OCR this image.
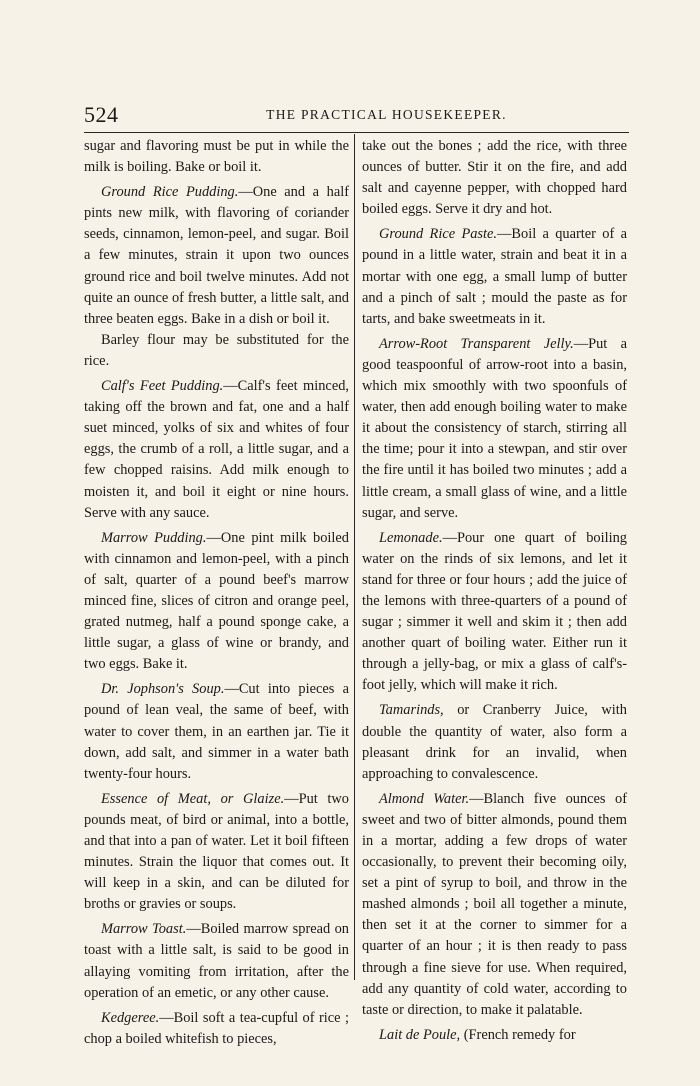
524	THE PRACTICAL HOUSEKEEPER.

sugar and flavoring must be put in while the milk is boiling. Bake or boil it.

Ground Rice Pudding.—One and a half pints new milk, with flavoring of coriander seeds, cinnamon, lemon-peel, and sugar. Boil a few minutes, strain it upon two ounces ground rice and boil twelve minutes. Add not quite an ounce of fresh butter, a little salt, and three beaten eggs. Bake in a dish or boil it.

Barley flour may be substituted for the rice.

Calf's Feet Pudding.—Calf's feet minced, taking off the brown and fat, one and a half suet minced, yolks of six and whites of four eggs, the crumb of a roll, a little sugar, and a few chopped raisins. Add milk enough to moisten it, and boil it eight or nine hours. Serve with any sauce.

Marrow Pudding.—One pint milk boiled with cinnamon and lemon-peel, with a pinch of salt, quarter of a pound beef's marrow minced fine, slices of citron and orange peel, grated nutmeg, half a pound sponge cake, a little sugar, a glass of wine or brandy, and two eggs. Bake it.

Dr. Jophson's Soup.—Cut into pieces a pound of lean veal, the same of beef, with water to cover them, in an earthen jar. Tie it down, add salt, and simmer in a water bath twenty-four hours.

Essence of Meat, or Glaize.—Put two pounds meat, of bird or animal, into a bottle, and that into a pan of water. Let it boil fifteen minutes. Strain the liquor that comes out. It will keep in a skin, and can be diluted for broths or gravies or soups.

Marrow Toast.—Boiled marrow spread on toast with a little salt, is said to be good in allaying vomiting from irritation, after the operation of an emetic, or any other cause.

Kedgeree.—Boil soft a tea-cupful of rice ; chop a boiled whitefish to pieces,

take out the bones ; add the rice, with three ounces of butter. Stir it on the fire, and add salt and cayenne pepper, with chopped hard boiled eggs. Serve it dry and hot.

Ground Rice Paste.—Boil a quarter of a pound in a little water, strain and beat it in a mortar with one egg, a small lump of butter and a pinch of salt ; mould the paste as for tarts, and bake sweetmeats in it.

Arrow-Root Transparent Jelly.—Put a good teaspoonful of arrow-root into a basin, which mix smoothly with two spoonfuls of water, then add enough boiling water to make it about the consistency of starch, stirring all the time; pour it into a stewpan, and stir over the fire until it has boiled two minutes ; add a little cream, a small glass of wine, and a little sugar, and serve.

Lemonade.—Pour one quart of boiling water on the rinds of six lemons, and let it stand for three or four hours ; add the juice of the lemons with three-quarters of a pound of sugar ; simmer it well and skim it ; then add another quart of boiling water. Either run it through a jelly-bag, or mix a glass of calf's-foot jelly, which will make it rich.

Tamarinds, or Cranberry Juice, with double the quantity of water, also form a pleasant drink for an invalid, when approaching to convalescence.

Almond Water.—Blanch five ounces of sweet and two of bitter almonds, pound them in a mortar, adding a few drops of water occasionally, to prevent their becoming oily, set a pint of syrup to boil, and throw in the mashed almonds ; boil all together a minute, then set it at the corner to simmer for a quarter of an hour ; it is then ready to pass through a fine sieve for use. When required, add any quantity of cold water, according to taste or direction, to make it palatable.

Lait de Poule, (French remedy for
